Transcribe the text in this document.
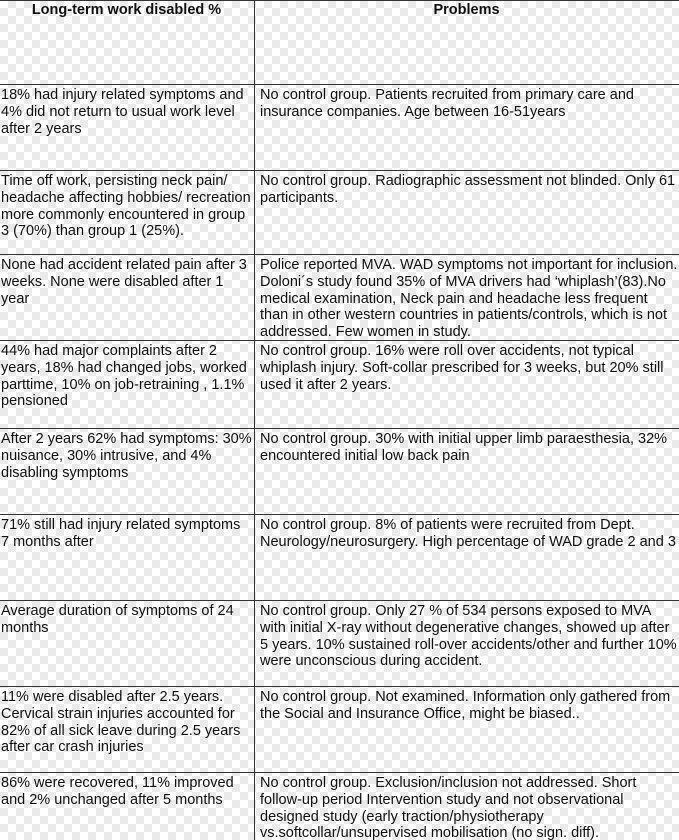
Long-term work disabled %	Problems
18% had injury related symptoms and 4% did not return to usual work level after 2 years
No control group. Patients recruited from primary care and insurance companies. Age between 16-51years
Time off work, persisting neck pain/ headache affecting hobbies/ recreation more commonly encountered in group 3 (70%) than group 1 (25%).
No control group. Radiographic assessment not blinded. Only 61 participants.
None had accident related pain after 3 weeks. None were disabled after 1 year
Police reported MVA. WAD symptoms not important for inclusion. Doloni´s study found 35% of MVA drivers had ‘whiplash’(83).No medical examination, Neck pain and headache less frequent than in other western countries in patients/controls, which is not addressed. Few women in study.
44% had major complaints after 2 years, 18% had changed jobs, worked parttime, 10% on job-retraining , 1.1% pensioned
No control group. 16% were roll over accidents, not typical whiplash injury. Soft-collar prescribed for 3 weeks, but 20% still used it after 2 years.
After 2 years 62% had symptoms: 30% nuisance, 30% intrusive, and 4% disabling symptoms
No control group. 30% with initial upper limb paraesthesia, 32% encountered initial low back pain
71% still had injury related symptoms 7 months after
No control group. 8% of patients were recruited from Dept. Neurology/neurosurgery. High percentage of WAD grade 2 and 3
Average duration of symptoms of 24 months
No control group. Only 27 % of 534 persons exposed to MVA with initial X-ray without degenerative changes, showed up after 5 years. 10% sustained roll-over accidents/other and further 10% were unconscious during accident.
11% were disabled after 2.5 years. Cervical strain injuries accounted for 82% of all sick leave during 2.5 years after car crash injuries
No control group. Not examined. Information only gathered from the Social and Insurance Office, might be biased..
86% were recovered, 11% improved and 2% unchanged after 5 months
No control group. Exclusion/inclusion not addressed. Short follow-up period Intervention study and not observational designed study (early traction/physiotherapy vs.softcollar/unsupervised mobilisation (no sign. diff).
